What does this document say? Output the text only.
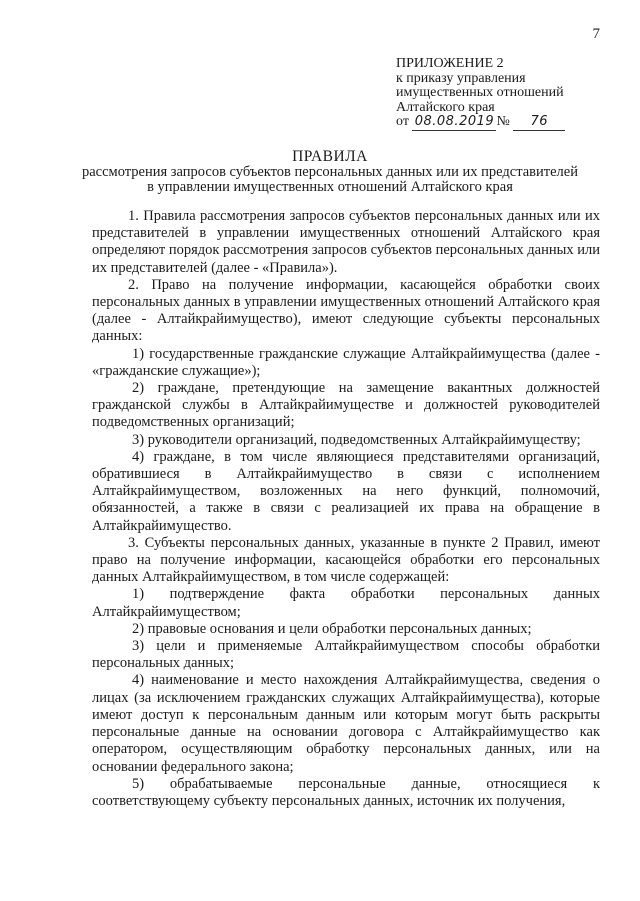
7
ПРИЛОЖЕНИЕ 2
к приказу управления
имущественных отношений
Алтайского края
от 08.08.2019 № 76
ПРАВИЛА
рассмотрения запросов субъектов персональных данных или их представителей
в управлении имущественных отношений Алтайского края

1. Правила рассмотрения запросов субъектов персональных данных или их представителей в управлении имущественных отношений Алтайского края определяют порядок рассмотрения запросов субъектов персональных данных или их представителей (далее - «Правила»).

2. Право на получение информации, касающейся обработки своих персональных данных в управлении имущественных отношений Алтайского края (далее - Алтайкрайимущество), имеют следующие субъекты персональных данных:

1) государственные гражданские служащие Алтайкрайимущества (далее - «гражданские служащие»);

2) граждане, претендующие на замещение вакантных должностей гражданской службы в Алтайкрайимуществе и должностей руководителей подведомственных организаций;

3) руководители организаций, подведомственных Алтайкрайимуществу;

4) граждане, в том числе являющиеся представителями организаций, обратившиеся в Алтайкрайимущество в связи с исполнением Алтайкрайимуществом, возложенных на него функций, полномочий, обязанностей, а также в связи с реализацией их права на обращение в Алтайкрайимущество.

3. Субъекты персональных данных, указанные в пункте 2 Правил, имеют право на получение информации, касающейся обработки его персональных данных Алтайкрайимуществом, в том числе содержащей:

1) подтверждение факта обработки персональных данных Алтайкрайимуществом;

2) правовые основания и цели обработки персональных данных;

3) цели и применяемые Алтайкрайимуществом способы обработки персональных данных;

4) наименование и место нахождения Алтайкрайимущества, сведения о лицах (за исключением гражданских служащих Алтайкрайимущества), которые имеют доступ к персональным данным или которым могут быть раскрыты персональные данные на основании договора с Алтайкрайимущество как оператором, осуществляющим обработку персональных данных, или на основании федерального закона;

5) обрабатываемые персональные данные, относящиеся к соответствующему субъекту персональных данных, источник их получения,
